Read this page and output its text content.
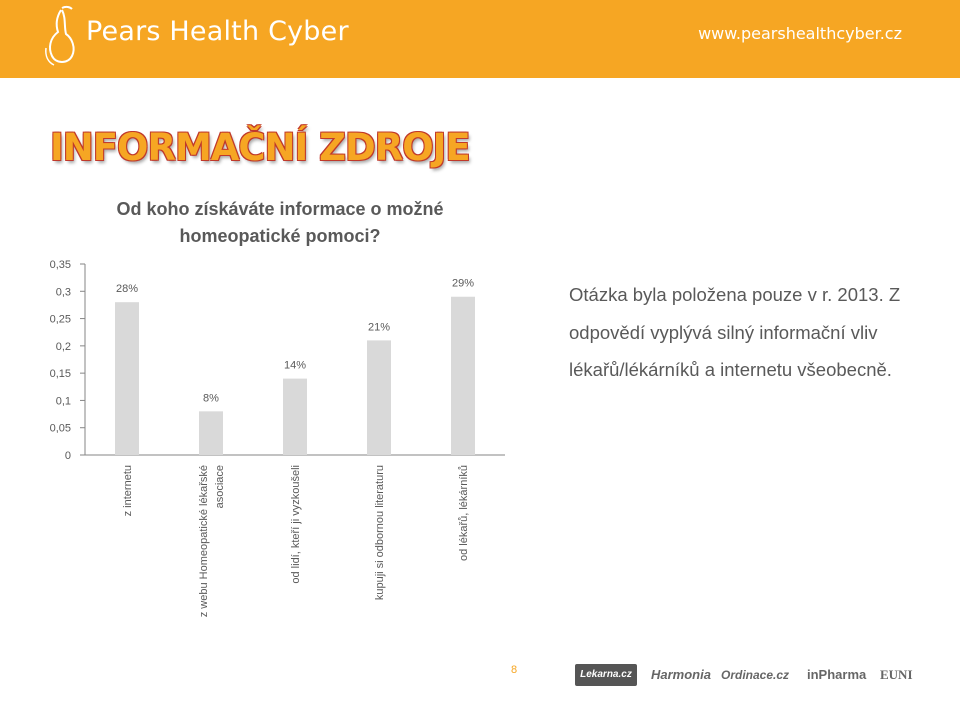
Pears Health Cyber	www.pearshealthcyber.cz
INFORMAČNÍ ZDROJE
Od koho získáváte informace o možné
homeopatické pomoci?
0
0,05
0,1
0,15
0,2
0,25
0,3
0,35
28%
z internetu
8%
z webu Homeopatické lékařské asociace
14%
od lidí, kteří ji vyzkoušeli
21%
kupuji si odbornou literaturu
29%
od lékařů, lékárníků
Otázka byla položena pouze v r. 2013. Z odpovědí vyplývá silný informační vliv lékařů/lékárníků a internetu všeobecně.
8	Lekarna.cz	Harmonia Ordinace.cz inPharma EUNI
